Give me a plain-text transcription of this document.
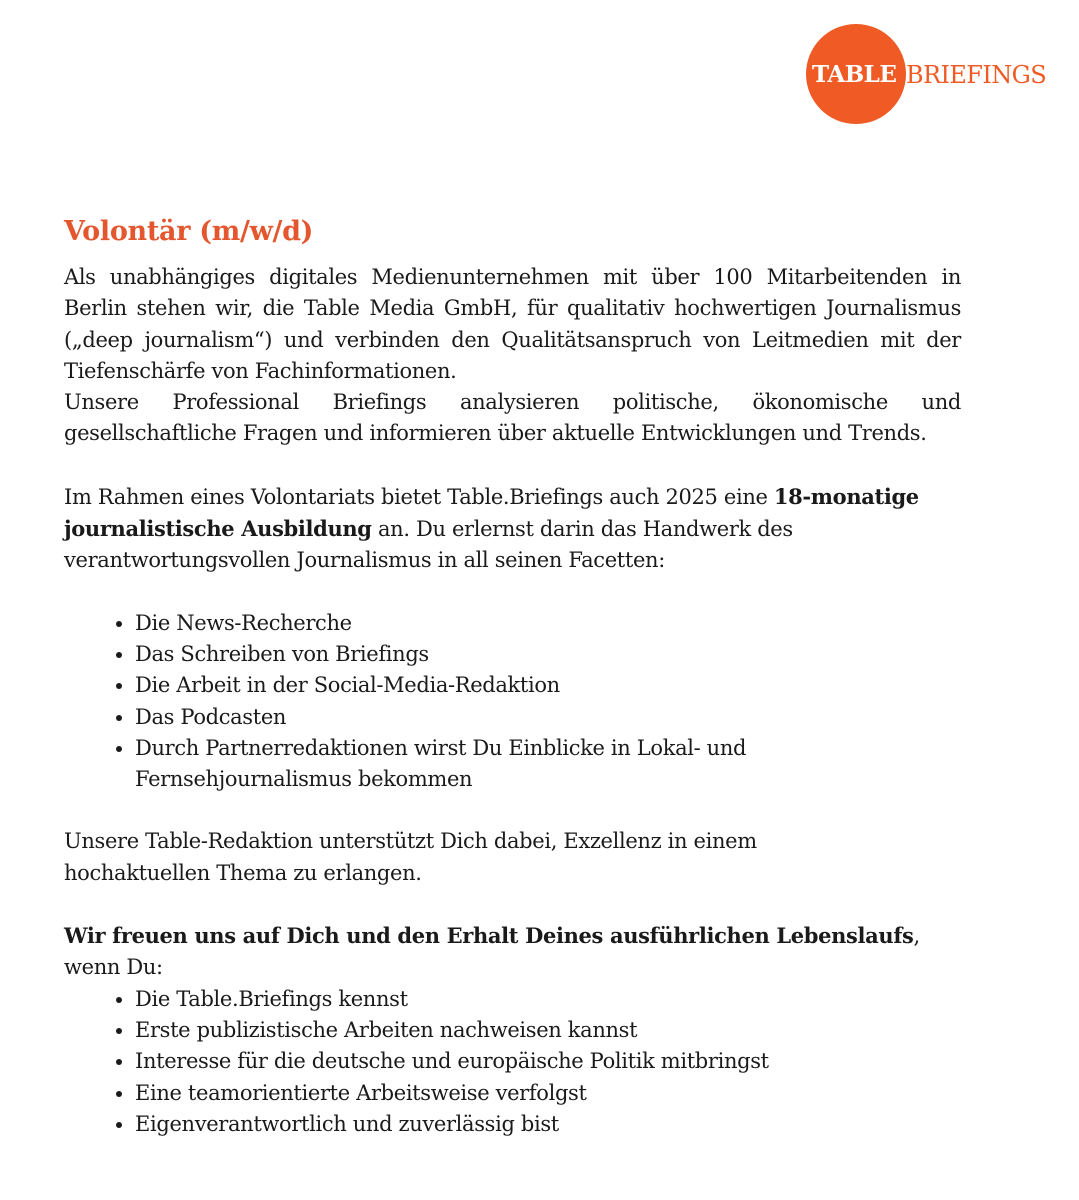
TABLE BRIEFINGS
Volontär (m/w/d)

Als unabhängiges digitales Medienunternehmen mit über 100 Mitarbeitenden in Berlin stehen wir, die Table Media GmbH, für qualitativ hochwertigen Journalismus („deep journalism“) und verbinden den Qualitätsanspruch von Leitmedien mit der Tiefenschärfe von Fachinformationen.

Unsere Professional Briefings analysieren politische, ökonomische und gesellschaftliche Fragen und informieren über aktuelle Entwicklungen und Trends.

Im Rahmen eines Volontariats bietet Table.Briefings auch 2025 eine 18-monatige journalistische Ausbildung an. Du erlernst darin das Handwerk des verantwortungsvollen Journalismus in all seinen Facetten:

• Die News-Recherche
• Das Schreiben von Briefings
• Die Arbeit in der Social-Media-Redaktion
• Das Podcasten
• Durch Partnerredaktionen wirst Du Einblicke in Lokal- und Fernsehjournalismus bekommen

Unsere Table-Redaktion unterstützt Dich dabei, Exzellenz in einem hochaktuellen Thema zu erlangen.

Wir freuen uns auf Dich und den Erhalt Deines ausführlichen Lebenslaufs, wenn Du:

• Die Table.Briefings kennst
• Erste publizistische Arbeiten nachweisen kannst
• Interesse für die deutsche und europäische Politik mitbringst
• Eine teamorientierte Arbeitsweise verfolgst
• Eigenverantwortlich und zuverlässig bist
